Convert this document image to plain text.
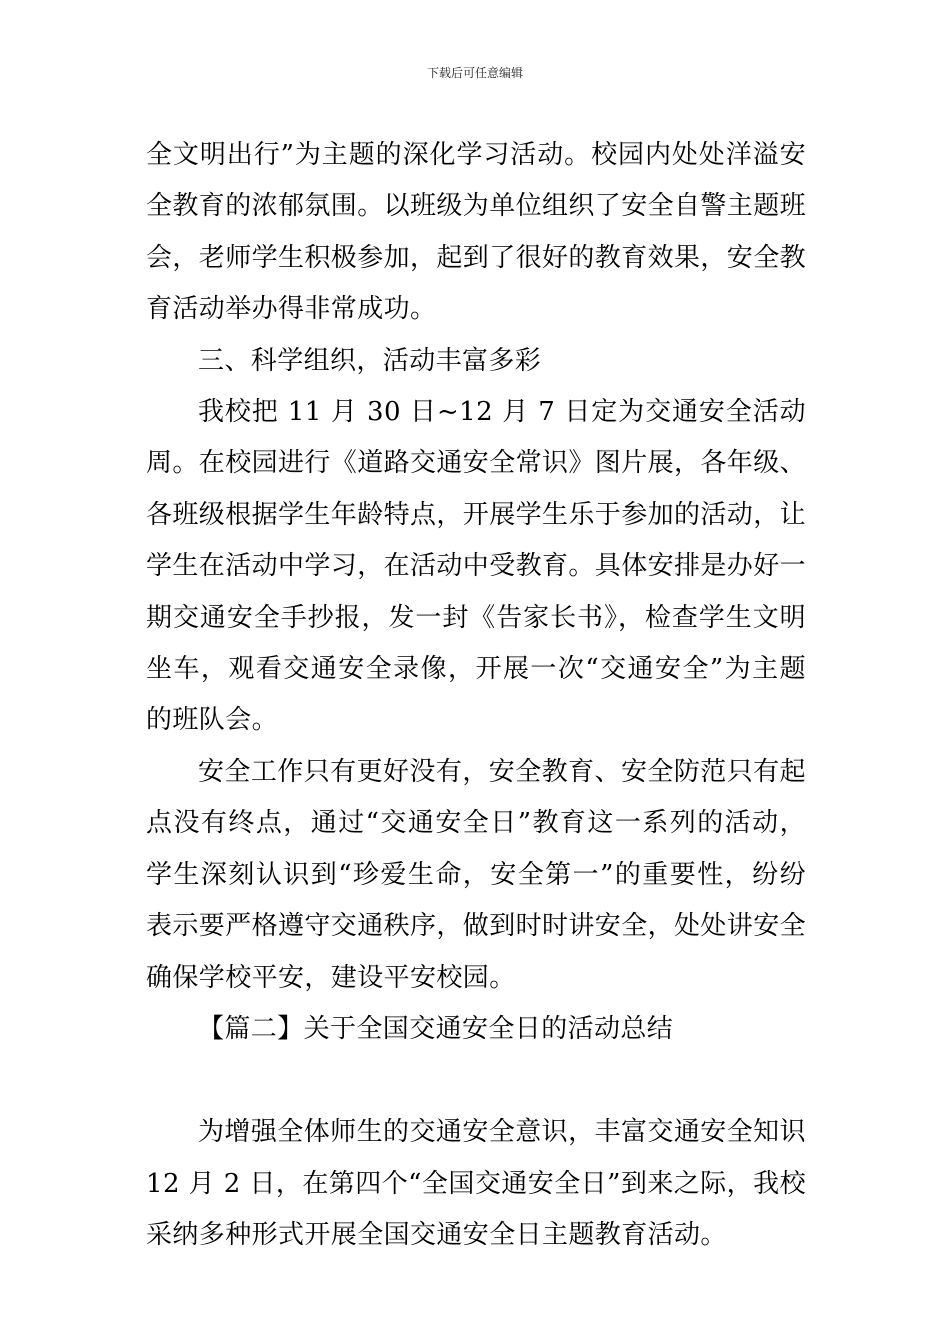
下载后可任意编辑

全文明出行”为主题的深化学习活动。校园内处处洋溢安全教育的浓郁氛围。以班级为单位组织了安全自警主题班会，老师学生积极参加，起到了很好的教育效果，安全教育活动举办得非常成功。

三、科学组织，活动丰富多彩

我校把 11 月 30 日~12 月 7 日定为交通安全活动周。在校园进行《道路交通安全常识》图片展，各年级、各班级根据学生年龄特点，开展学生乐于参加的活动，让学生在活动中学习，在活动中受教育。具体安排是办好一期交通安全手抄报，发一封《告家长书》，检查学生文明坐车，观看交通安全录像，开展一次“交通安全”为主题的班队会。

安全工作只有更好没有，安全教育、安全防范只有起点没有终点，通过“交通安全日”教育这一系列的活动，学生深刻认识到“珍爱生命，安全第一”的重要性，纷纷表示要严格遵守交通秩序，做到时时讲安全，处处讲安全确保学校平安，建设平安校园。

【篇二】关于全国交通安全日的活动总结

为增强全体师生的交通安全意识，丰富交通安全知识12 月 2 日，在第四个“全国交通安全日”到来之际，我校采纳多种形式开展全国交通安全日主题教育活动。
